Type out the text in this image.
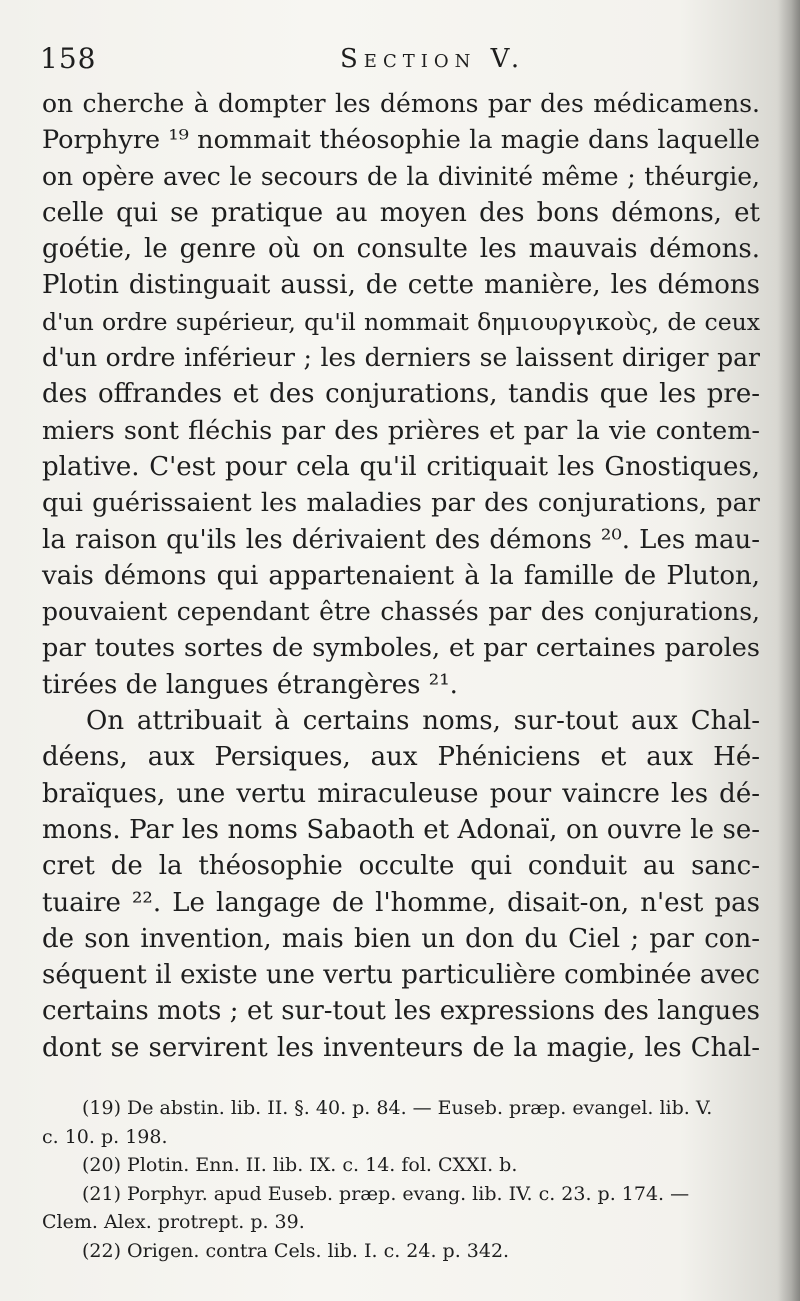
158	Section V.

on cherche à dompter les démons par des médicamens.
Porphyre ¹⁹ nommait théosophie la magie dans laquelle
on opère avec le secours de la divinité même ; théurgie,
celle qui se pratique au moyen des bons démons, et
goétie, le genre où on consulte les mauvais démons.
Plotin distinguait aussi, de cette manière, les démons
d'un ordre supérieur, qu'il nommait δημιουργικοὺς, de ceux
d'un ordre inférieur ; les derniers se laissent diriger par
des offrandes et des conjurations, tandis que les pre-
miers sont fléchis par des prières et par la vie contem-
plative. C'est pour cela qu'il critiquait les Gnostiques,
qui guérissaient les maladies par des conjurations, par
la raison qu'ils les dérivaient des démons ²⁰. Les mau-
vais démons qui appartenaient à la famille de Pluton,
pouvaient cependant être chassés par des conjurations,
par toutes sortes de symboles, et par certaines paroles
tirées de langues étrangères ²¹.

On attribuait à certains noms, sur-tout aux Chal-
déens, aux Persiques, aux Phéniciens et aux Hé-
braïques, une vertu miraculeuse pour vaincre les dé-
mons. Par les noms Sabaoth et Adonaï, on ouvre le se-
cret de la théosophie occulte qui conduit au sanc-
tuaire ²². Le langage de l'homme, disait-on, n'est pas
de son invention, mais bien un don du Ciel ; par con-
séquent il existe une vertu particulière combinée avec
certains mots ; et sur-tout les expressions des langues
dont se servirent les inventeurs de la magie, les Chal-

(19) De abstin. lib. II. §. 40. p. 84. — Euseb. præp. evangel. lib. V.
c. 10. p. 198.
(20) Plotin. Enn. II. lib. IX. c. 14. fol. CXXI. b.
(21) Porphyr. apud Euseb. præp. evang. lib. IV. c. 23. p. 174. —
Clem. Alex. protrept. p. 39.
(22) Origen. contra Cels. lib. I. c. 24. p. 342.
